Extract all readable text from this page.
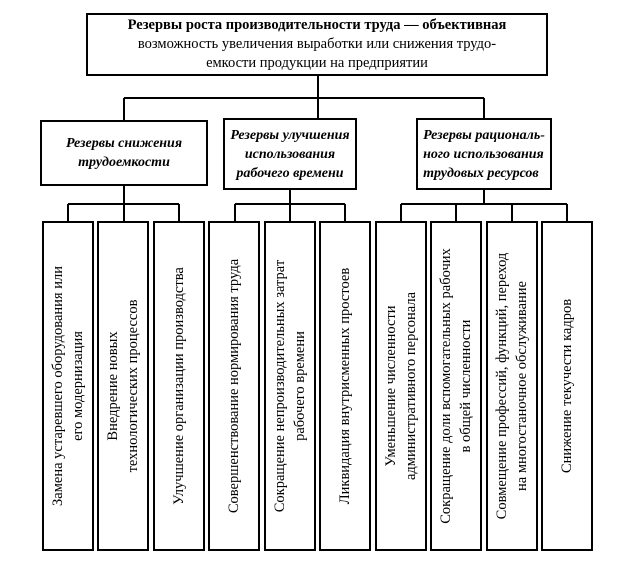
Резервы роста производительности труда — объективная
возможность увеличения выработки или снижения трудо-
емкости продукции на предприятии
Резервы снижения
трудоемкости
Резервы улучшения
использования
рабочего времени
Резервы рациональ-
ного использования
трудовых ресурсов
Замена устаревшего оборудования или его модернизация Внедрение новых технологических процессов Улучшение организации производства	Совершенствование нормирования труда Сокращение непроизводительных затрат рабочего времени Ликвидация внутрисменных простоев Уменьшение численности административного персонала Сокращение доли вспомогательных рабочих в общей численности Совмещение профессий, функций, переход на многостаночное обслуживание Снижение текучести кадров
